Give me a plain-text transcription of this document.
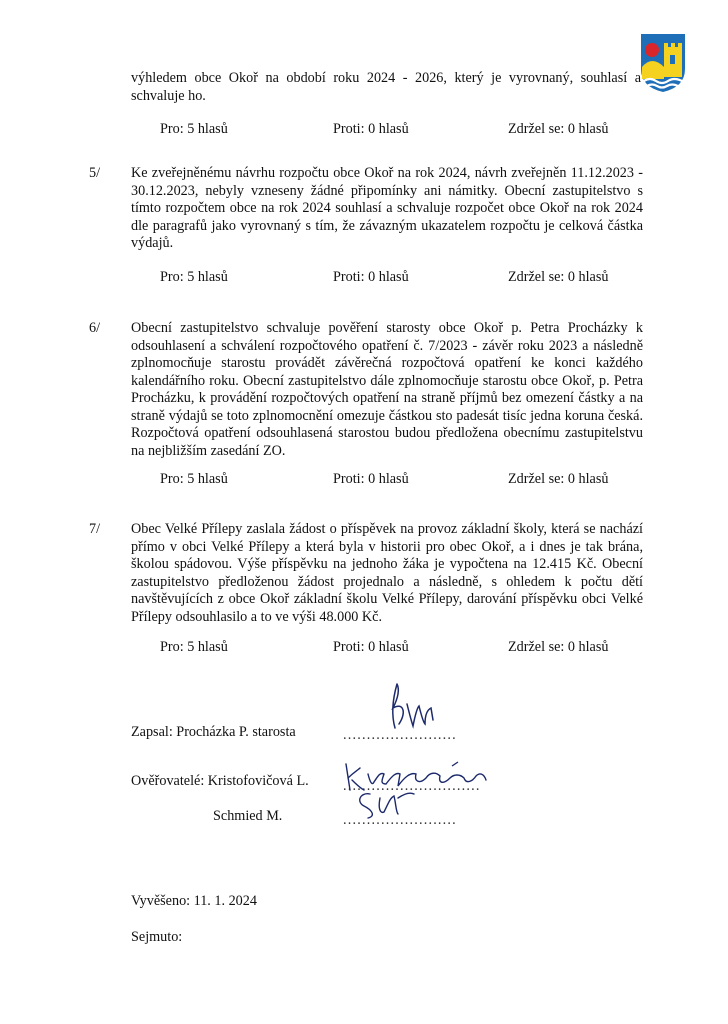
výhledem obce Okoř na období roku 2024 - 2026, který je vyrovnaný, souhlasí a schvaluje ho.

Pro: 5 hlasů	Proti: 0 hlasů	Zdržel se: 0 hlasů
5/ Ke zveřejněnému návrhu rozpočtu obce Okoř na rok 2024, návrh zveřejněn 11.12.2023 - 30.12.2023, nebyly vzneseny žádné připomínky ani námitky. Obecní zastupitelstvo s tímto rozpočtem obce na rok 2024 souhlasí a schvaluje rozpočet obce Okoř na rok 2024 dle paragrafů jako vyrovnaný s tím, že závazným ukazatelem rozpočtu je celková částka výdajů.

Pro: 5 hlasů	Proti: 0 hlasů	Zdržel se: 0 hlasů
6/ Obecní zastupitelstvo schvaluje pověření starosty obce Okoř p. Petra Procházky k odsouhlasení a schválení rozpočtového opatření č. 7/2023 - závěr roku 2023 a následně zplnomocňuje starostu provádět závěrečná rozpočtová opatření ke konci každého kalendářního roku. Obecní zastupitelstvo dále zplnomocňuje starostu obce Okoř, p. Petra Procházku, k provádění rozpočtových opatření na straně příjmů bez omezení částky a na straně výdajů se toto zplnomocnění omezuje částkou sto padesát tisíc jedna koruna česká. Rozpočtová opatření odsouhlasená starostou budou předložena obecnímu zastupitelstvu na nejbližším zasedání ZO.

Pro: 5 hlasů	Proti: 0 hlasů	Zdržel se: 0 hlasů
7/ Obec Velké Přílepy zaslala žádost o příspěvek na provoz základní školy, která se nachází přímo v obci Velké Přílepy a která byla v historii pro obec Okoř, a i dnes je tak brána, školou spádovou. Výše příspěvku na jednoho žáka je vypočtena na 12.415 Kč. Obecní zastupitelstvo předloženou žádost projednalo a následně, s ohledem k počtu dětí navštěvujících z obce Okoř základní školu Velké Přílepy, darování příspěvku obci Velké Přílepy odsouhlasilo a to ve výši 48.000 Kč.

Pro: 5 hlasů	Proti: 0 hlasů	Zdržel se: 0 hlasů
Zapsal: Procházka P. starosta	........................
Ověřovatelé: Kristofovičová L. .............................
Schmied M.	........................
Vyvěšeno: 11. 1. 2024
Sejmuto:
